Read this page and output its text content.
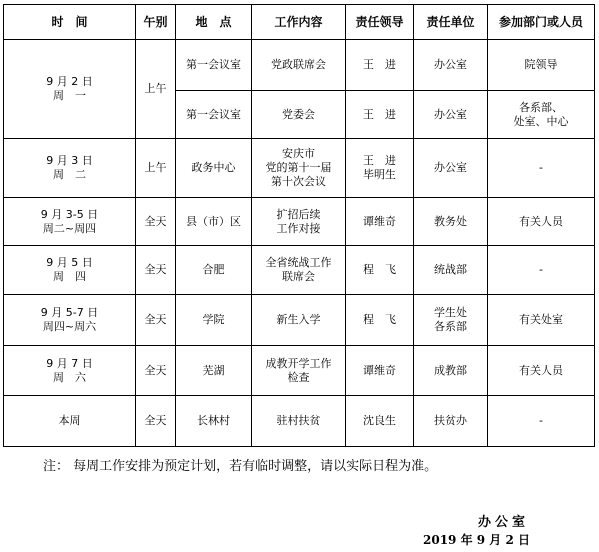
时　间	午别	地　点	工作内容	责任领导	责任单位	参加部门或人员

9 月 2 日
周　一	上午	第一会议室	党政联席会	王　进	办公室	院领导

		第一会议室	党委会	王　进	办公室	各系部、
处室、中心

9 月 3 日
周　二	上午	政务中心	安庆市
党的第十一届
第十次会议	王　进
毕明生	办公室	-

9 月 3-5 日
周二~周四	全天	县（市）区	扩招后续
工作对接	谭维奇	教务处	有关人员

9 月 5 日
周　四	全天	合肥	全省统战工作
联席会	程　飞	统战部	-

9 月 5-7 日
周四~周六	全天	学院	新生入学	程　飞	学生处
各系部	有关处室

9 月 7 日
周　六	全天	芜湖	成教开学工作
检查	谭维奇	成教部	有关人员

本周	全天	长林村	驻村扶贫	沈良生	扶贫办	-
注： 每周工作安排为预定计划，若有临时调整，请以实际日程为准。
办公室
2019 年 9 月 2 日
